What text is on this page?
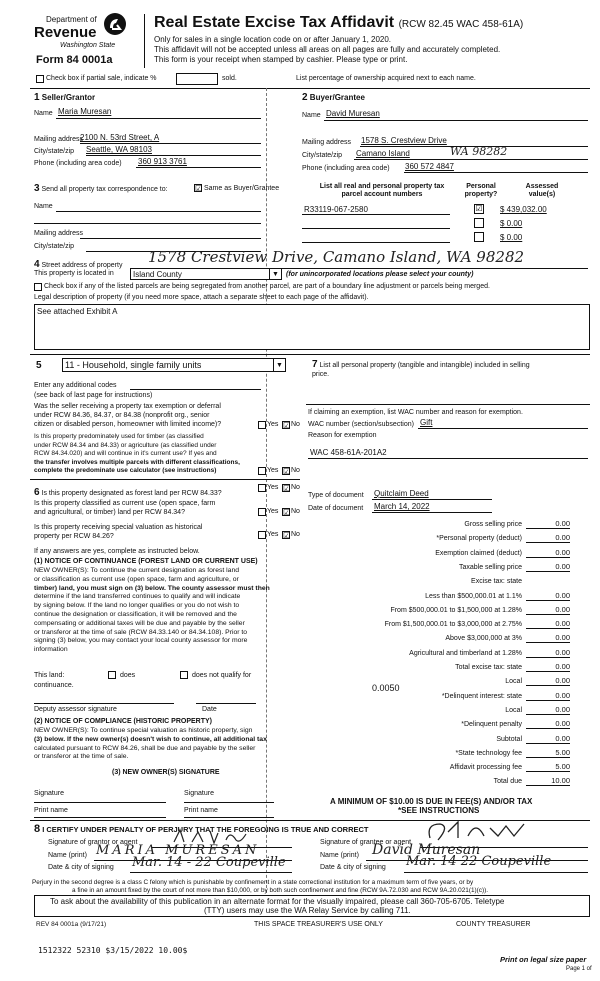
Department of
Revenue
Washington State
Form 84 0001a
Real Estate Excise Tax Affidavit (RCW 82.45 WAC 458-61A)
Only for sales in a single location code on or after January 1, 2020.
This affidavit will not be accepted unless all areas on all pages are fully and accurately completed.
This form is your receipt when stamped by cashier. Please type or print.
Check box if partial sale, indicate %	sold.	List percentage of ownership acquired next to each name.
1 Seller/Grantor
Name Maria Muresan
Mailing address
2100 N. 53rd Street, A
City/state/zip Seattle, WA 98103
Phone (including area code) 360 913 3761
2 Buyer/Grantee
Name David Muresan
Mailing address 1578 S. Crestview Drive
City/state/zip Camano Island	WA 98282
Phone (including area code) 360 572 4847
3 Send all property tax correspondence to:	☑ Same as Buyer/Grantee
Name
Mailing address
City/state/zip
List all real and personal property tax
parcel account numbers
Personal
property?
Assessed
value(s)
R33119-067-2580	☑ $ 439,032.00
$ 0.00
$ 0.00
4 Street address of property 1578 Crestview Drive, Camano Island, WA 98282
This property is located in	Island County	▼ (for unincorporated locations please select your county)
Check box if any of the listed parcels are being segregated from another parcel, are part of a boundary line adjustment or parcels being merged.
Legal description of property (if you need more space, attach a separate sheet to each page of the affidavit).
See attached Exhibit A
5	11 - Household, single family units	▼
Enter any additional codes
(see back of last page for instructions)
Was the seller receiving a property tax exemption or deferral
under RCW 84.36, 84.37, or 84.38 (nonprofit org., senior
citizen or disabled person, homeowner with limited income)?	Yes ☑ No
Is this property predominately used for timber (as classified
under RCW 84.34 and 84.33) or agriculture (as classified under
RCW 84.34.020) and will continue in it's current use? If yes and
the transfer involves multiple parcels with different classifications,
complete the predominate use calculator (see instructions)	Yes ☑ No
6 Is this property designated as forest land per RCW 84.33?
Yes ☑ No
Is this property classified as current use (open space, farm
and agricultural, or timber) land per RCW 84.34?	Yes ☑ No
Is this property receiving special valuation as historical
property per RCW 84.26?	Yes ☑ No
If any answers are yes, complete as instructed below.
(1) NOTICE OF CONTINUANCE (FOREST LAND OR CURRENT USE)
NEW OWNER(S): To continue the current designation as forest land
or classification as current use (open space, farm and agriculture, or
timber) land, you must sign on (3) below. The county assessor must then
determine if the land transferred continues to qualify and will indicate
by signing below. If the land no longer qualifies or you do not wish to
continue the designation or classification, it will be removed and the
compensating or additional taxes will be due and payable by the seller
or transferor at the time of sale (RCW 84.33.140 or 84.34.108). Prior to
signing (3) below, you may contact your local county assessor for more
information
This land:	does	does not qualify for
continuance.
Deputy assessor signature	Date
(2) NOTICE OF COMPLIANCE (HISTORIC PROPERTY)
NEW OWNER(S): To continue special valuation as historic property, sign
(3) below. If the new owner(s) doesn't wish to continue, all additional tax
calculated pursuant to RCW 84.26, shall be due and payable by the seller
or transferor at the time of sale.
(3) NEW OWNER(S) SIGNATURE
Signature	Signature
Print name	Print name
7 List all personal property (tangible and intangible) included in selling
price.
If claiming an exemption, list WAC number and reason for exemption.
WAC number (section/subsection) Gift
Reason for exemption
WAC 458-61A-201A2
Type of document Quitclaim Deed
Date of document March 14, 2022
Gross selling price	0.00
*Personal property (deduct)	0.00
Exemption claimed (deduct)	0.00
Taxable selling price	0.00
Excise tax: state
Less than $500,000.01 at 1.1%	0.00
From $500,000.01 to $1,500,000 at 1.28%	0.00
From $1,500,000.01 to $3,000,000 at 2.75%	0.00
Above $3,000,000 at 3%	0.00
Agricultural and timberland at 1.28%	0.00
Total excise tax: state	0.00
Local	0.00
*Delinquent interest: state	0.00
Local	0.00
*Delinquent penalty	0.00
Subtotal	0.00
*State technology fee	5.00
Affidavit processing fee	5.00
Total due	10.00
0.0050
A MINIMUM OF $10.00 IS DUE IN FEE(S) AND/OR TAX
*SEE INSTRUCTIONS
8 I CERTIFY UNDER PENALTY OF PERJURY THAT THE FOREGOING IS TRUE AND CORRECT
Signature of grantor or agent
Name (print) MARIA MURESAN
Date & city of signing Mar. 14 - 22 Coupeville
Signature of grantee or agent
Name (print) David Muresan
Date & city of signing Mar. 14 22 Coupeville
Perjury in the second degree is a class C felony which is punishable by confinement in a state correctional institution for a maximum term of five years, or by
a fine in an amount fixed by the court of not more than $10,000, or by both such confinement and fine (RCW 9A.72.030 and RCW 9A.20.021(1)(c)).
To ask about the availability of this publication in an alternate format for the visually impaired, please call 360-705-6705. Teletype
(TTY) users may use the WA Relay Service by calling 711.
REV 84 0001a (9/17/21)	THIS SPACE TREASURER'S USE ONLY	COUNTY TREASURER
1512322 52310 $3/15/2022 10.00$
Print on legal size paper
Page 1 of
